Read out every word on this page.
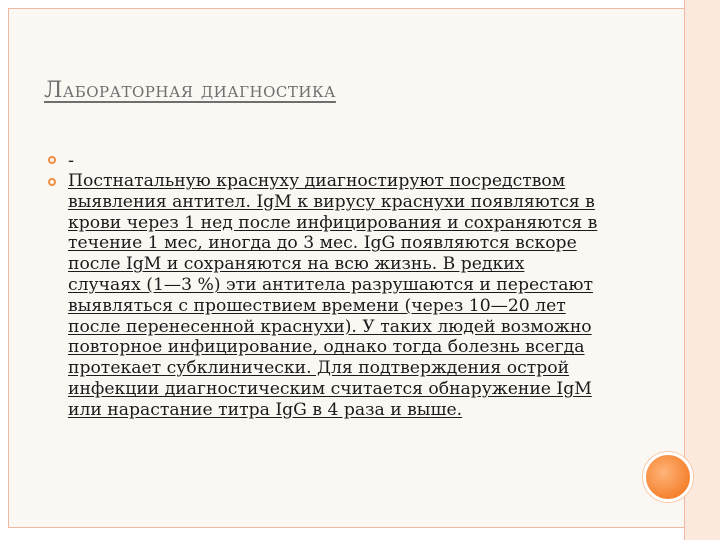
Лабораторная диагностика
-

Постнатальную краснуху диагностируют посредством
выявления антител. IgM к вирусу краснухи появляются в
крови через 1 нед после инфицирования и сохраняются в
течение 1 мес, иногда до 3 мес. IgG появляются вскоре
после IgM и сохраняются на всю жизнь. В редких
случаях (1—3 %) эти антитела разрушаются и перестают
выявляться с прошествием времени (через 10—20 лет
после перенесенной краснухи). У таких людей возможно
повторное инфицирование, однако тогда болезнь всегда
протекает субклинически. Для подтверждения острой
инфекции диагностическим считается обнаружение IgM
или нарастание титра IgG в 4 раза и выше.
